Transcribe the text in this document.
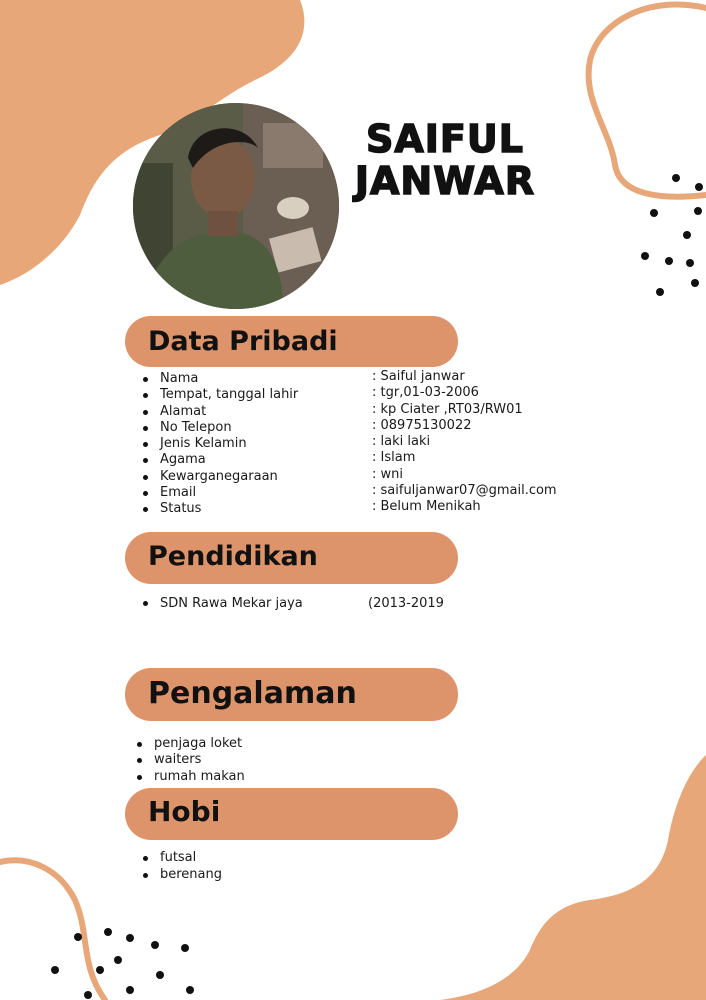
SAIFUL
JANWAR
Data Pribadi
Nama
Tempat, tanggal lahir
Alamat
No Telepon
Jenis Kelamin
Agama
Kewarganegaraan
Email
Status
: Saiful janwar
: tgr,01-03-2006
: kp Ciater ,RT03/RW01
: 08975130022
: laki laki
: Islam
: wni
: saifuljanwar07@gmail.com
: Belum Menikah
Pendidikan
SDN Rawa Mekar jaya	(2013-2019
Pengalaman
penjaga loket
waiters
rumah makan
Hobi
futsal
berenang
